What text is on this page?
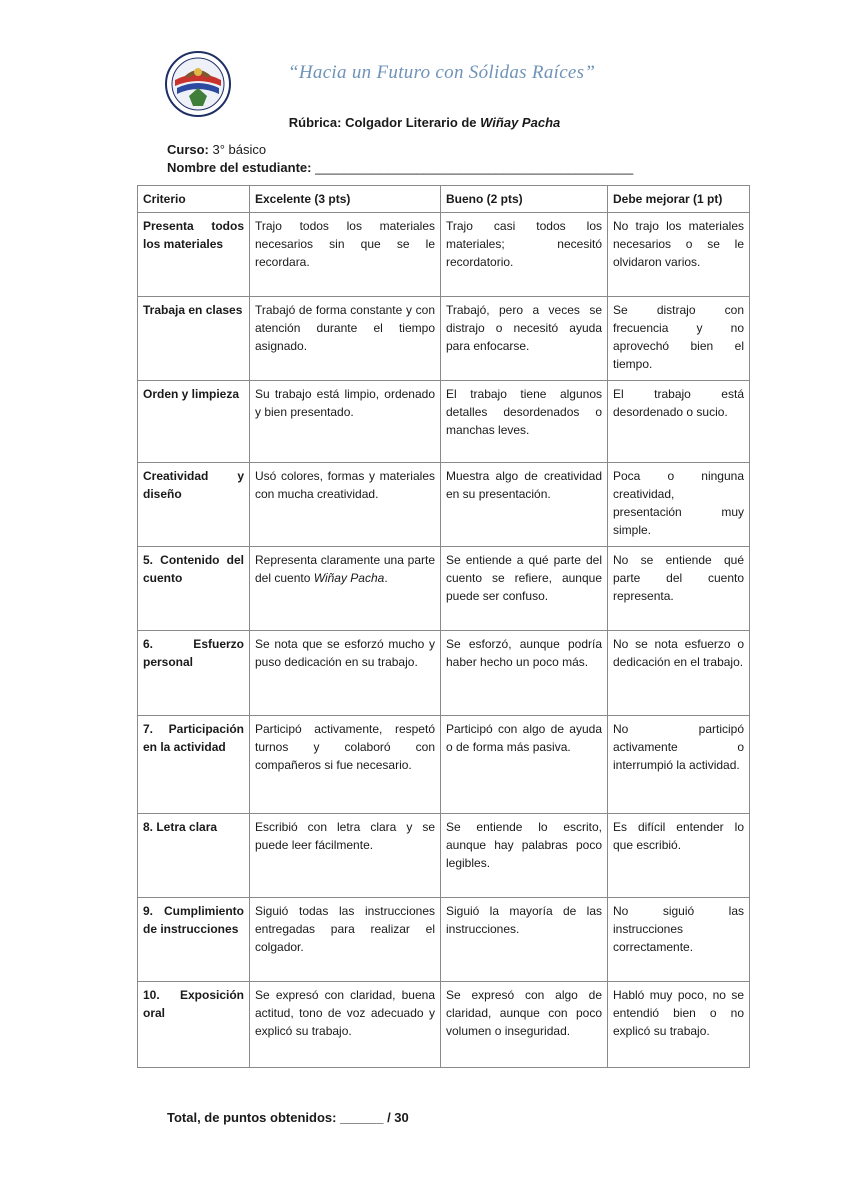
“Hacia un Futuro con Sólidas Raíces”
Rúbrica: Colgador Literario de Wiñay Pacha
Curso: 3° básico
Nombre del estudiante: ____________________________________________
Criterio	Excelente (3 pts)	Bueno (2 pts)	Debe mejorar (1 pt)
Presenta todos los materiales	Trajo todos los materiales necesarios sin que se le recordara.	Trajo casi todos los materiales; necesitó recordatorio.	No trajo los materiales necesarios o se le olvidaron varios.
Trabaja en clases	Trabajó de forma constante y con atención durante el tiempo asignado.	Trabajó, pero a veces se distrajo o necesitó ayuda para enfocarse.	Se distrajo con frecuencia y no aprovechó bien el tiempo.
Orden y limpieza	Su trabajo está limpio, ordenado y bien presentado.	El trabajo tiene algunos detalles desordenados o manchas leves.	El trabajo está desordenado o sucio.
Creatividad y diseño	Usó colores, formas y materiales con mucha creatividad.	Muestra algo de creatividad en su presentación.	Poca o ninguna creatividad, presentación muy simple.
5. Contenido del cuento	Representa claramente una parte del cuento Wiñay Pacha.	Se entiende a qué parte del cuento se refiere, aunque puede ser confuso.	No se entiende qué parte del cuento representa.
6. Esfuerzo personal	Se nota que se esforzó mucho y puso dedicación en su trabajo.	Se esforzó, aunque podría haber hecho un poco más.	No se nota esfuerzo o dedicación en el trabajo.
7. Participación en la actividad	Participó activamente, respetó turnos y colaboró con compañeros si fue necesario.	Participó con algo de ayuda o de forma más pasiva.	No participó activamente o interrumpió la actividad.
8. Letra clara	Escribió con letra clara y se puede leer fácilmente.	Se entiende lo escrito, aunque hay palabras poco legibles.	Es difícil entender lo que escribió.
9. Cumplimiento de instrucciones	Siguió todas las instrucciones entregadas para realizar el colgador.	Siguió la mayoría de las instrucciones.	No siguió las instrucciones correctamente.
10. Exposición oral	Se expresó con claridad, buena actitud, tono de voz adecuado y explicó su trabajo.	Se expresó con algo de claridad, aunque con poco volumen o inseguridad.	Habló muy poco, no se entendió bien o no explicó su trabajo.
Total, de puntos obtenidos: ______ / 30
